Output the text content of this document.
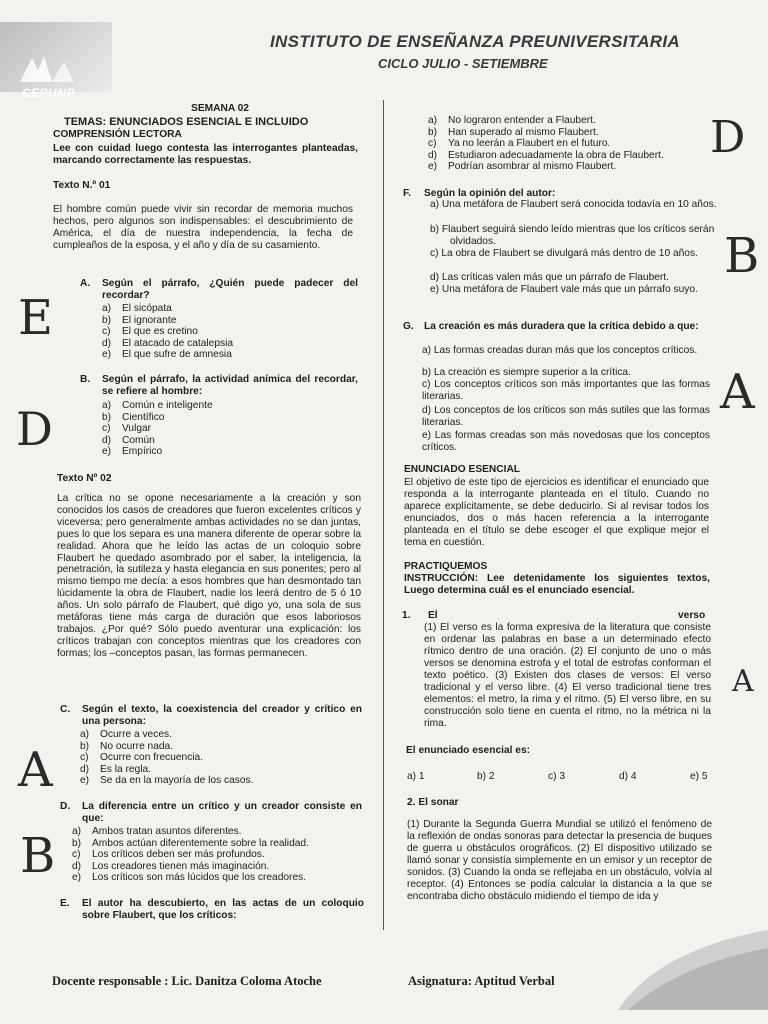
CEPUNP
INSTITUTO DE ENSEÑANZA PREUNIVERSITARIA
CICLO JULIO - SETIEMBRE
SEMANA 02
TEMAS: ENUNCIADOS ESENCIAL E INCLUIDO
COMPRENSIÓN LECTORA
Lee con cuidad luego contesta las interrogantes planteadas, marcando correctamente las respuestas.
Texto N.º 01
El hombre común puede vivir sin recordar de memoria muchos hechos, pero algunos son indispensables: el descubrimiento de América, el día de nuestra independencia, la fecha de cumpleaños de la esposa, y el año y día de su casamiento.
A. Según el párrafo, ¿Quién puede padecer del recordar?
a) El sicópata
b) El ignorante
c) El que es cretino
d) El atacado de catalepsia
e) El que sufre de amnesia
B. Según el párrafo, la actividad anímica del recordar, se refiere al hombre:
a) Común e inteligente
b) Científico
c) Vulgar
d) Común
e) Empírico
Texto Nº 02
La crítica no se opone necesariamente a la creación y son conocidos los casos de creadores que fueron excelentes críticos y viceversa; pero generalmente ambas actividades no se dan juntas, pues lo que los separa es una manera diferente de operar sobre la realidad. Ahora que he leído las actas de un coloquio sobre Flaubert he quedado asombrado por el saber, la inteligencia, la penetración, la sutileza y hasta elegancia en sus ponentes; pero al mismo tiempo me decía: a esos hombres que han desmontado tan lúcidamente la obra de Flaubert, nadie los leerá dentro de 5 ó 10 años. Un solo párrafo de Flaubert, qué digo yo, una sola de sus metáforas tiene más carga de duración que esos laboriosos trabajos. ¿Por qué? Sólo puedo aventurar una explicación: los críticos trabajan con conceptos mientras que los creadores con formas; los –conceptos pasan, las formas permanecen.
C. Según el texto, la coexistencia del creador y crítico en una persona:
a) Ocurre a veces.
b) No ocurre nada.
c) Ocurre con frecuencia.
d) Es la regla.
e) Se da en la mayoría de los casos.
D. La diferencia entre un crítico y un creador consiste en que:
a) Ambos tratan asuntos diferentes.
b) Ambos actúan diferentemente sobre la realidad.
c) Los críticos deben ser más profundos.
d) Los creadores tienen más imaginación.
e) Los críticos son más lúcidos que los creadores.
E. El autor ha descubierto, en las actas de un coloquio sobre Flaubert, que los críticos:
a) No lograron entender a Flaubert.
b) Han superado al mismo Flaubert.
c) Ya no leerán a Flaubert en el futuro.
d) Estudiaron adecuadamente la obra de Flaubert.
e) Podrían asombrar al mismo Flaubert.
F. Según la opinión del autor:
a) Una metáfora de Flaubert será conocida todavía en 10 años.
b) Flaubert seguirá siendo leído mientras que los críticos serán olvidados.
c) La obra de Flaubert se divulgará más dentro de 10 años.
d) Las críticas valen más que un párrafo de Flaubert.
e) Una metáfora de Flaubert vale más que un párrafo suyo.
G. La creación es más duradera que la crítica debido a que:
a) Las formas creadas duran más que los conceptos críticos.
b) La creación es siempre superior a la crítica.
c) Los conceptos críticos son más importantes que las formas literarias.
d) Los conceptos de los críticos son más sutiles que las formas literarias.
e) Las formas creadas son más novedosas que los conceptos críticos.
ENUNCIADO ESENCIAL
El objetivo de este tipo de ejercicios es identificar el enunciado que responda a la interrogante planteada en el título. Cuando no aparece explícitamente, se debe deducirlo. Si al revisar todos los enunciados, dos o más hacen referencia a la interrogante planteada en el título se debe escoger el que explique mejor el tema en cuestión.
PRACTIQUEMOS
INSTRUCCIÓN: Lee detenidamente los siguientes textos, Luego determina cuál es el enunciado esencial.
1. El	verso
(1) El verso es la forma expresiva de la literatura que consiste en ordenar las palabras en base a un determinado efecto rítmico dentro de una oración. (2) El conjunto de uno o más versos se denomina estrofa y el total de estrofas conforman el texto poético. (3) Existen dos clases de versos: El verso tradicional y el verso libre. (4) El verso tradicional tiene tres elementos: el metro, la rima y el ritmo. (5) El verso libre, en su construcción solo tiene en cuenta el ritmo, no la métrica ni la rima.
El enunciado esencial es:
a) 1	b) 2	c) 3	d) 4	e) 5
2. El sonar
(1) Durante la Segunda Guerra Mundial se utilizó el fenómeno de la reflexión de ondas sonoras para detectar la presencia de buques de guerra u obstáculos orográficos. (2) El dispositivo utilizado se llamó sonar y consistía simplemente en un emisor y un receptor de sonidos. (3) Cuando la onda se reflejaba en un obstáculo, volvía al receptor. (4) Entonces se podía calcular la distancia a la que se encontraba dicho obstáculo midiendo el tiempo de ida y
E
D
A
B
D
B
A
A
Docente responsable : Lic. Danitza Coloma Atoche	Asignatura: Aptitud Verbal
